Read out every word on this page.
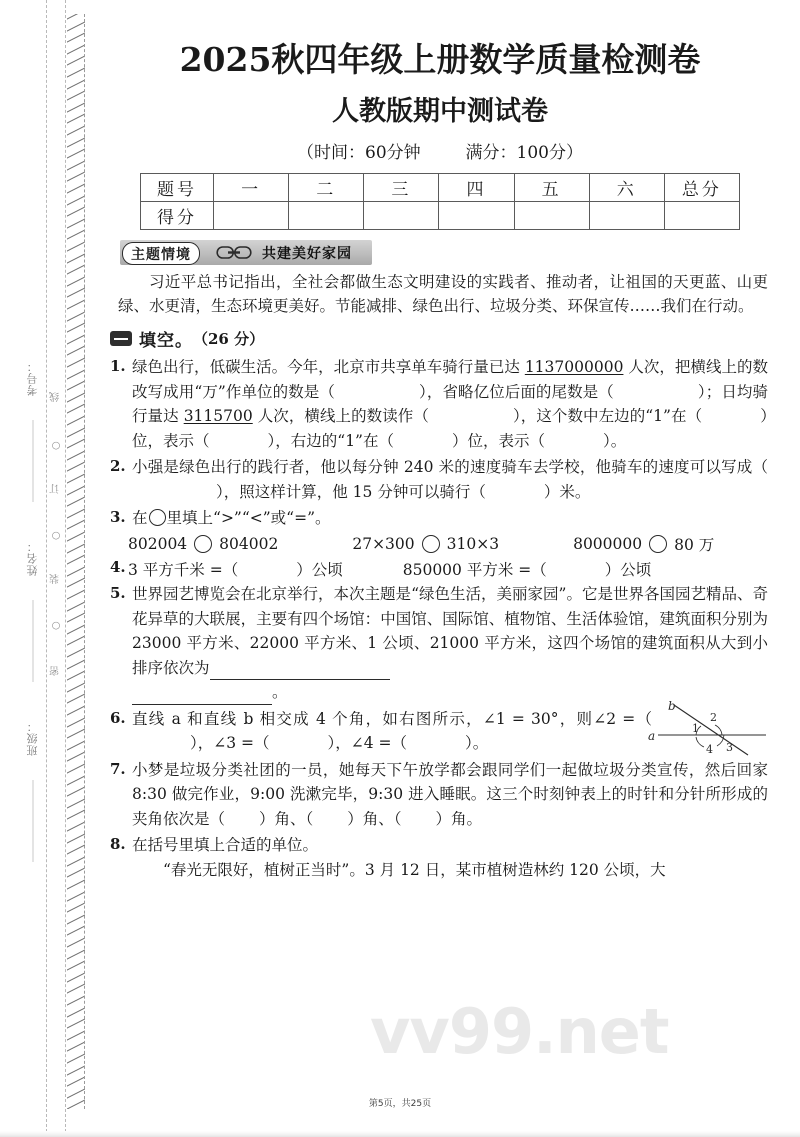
考号：
姓名：
班级：
线
○
订
○
装
○
密
2025秋四年级上册数学质量检测卷
人教版期中测试卷
（时间：60分钟	满分：100分）
题号	一	二	三	四	五	六	总分
得分							
主题情境	共建美好家园

习近平总书记指出，全社会都做生态文明建设的实践者、推动者，让祖国的天更蓝、山更绿、水更清，生态环境更美好。节能减排、绿色出行、垃圾分类、环保宣传……我们在行动。

填空。 （26 分）
1. 绿色出行，低碳生活。今年，北京市共享单车骑行量已达 1137000000 人次，把横线上的数改写成用“万”作单位的数是（	），省略亿位后面的尾数是（	）；日均骑行量达 3115700 人次，横线上的数读作（	），这个数中左边的“1”在（	）位，表示（	），右边的“1”在（	）位，表示（	）。
2. 小强是绿色出行的践行者，他以每分钟 240 米的速度骑车去学校，他骑车的速度可以写成（），照这样计算，他 15 分钟可以骑行（	）米。
3. 在 里填上“>”“<”或“=”。
802004 804002	27×300 310×3	8000000 80 万
4. 3 平方千米 =（	）公顷	850000 平方米 =（	）公顷
5. 世界园艺博览会在北京举行，本次主题是“绿色生活，美丽家园”。它是世界各国园艺精品、奇花异草的大联展，主要有四个场馆：中国馆、国际馆、植物馆、生活体验馆，建筑面积分别为 23000 平方米、22000 平方米、1 公顷、21000 平方米，这四个场馆的建筑面积从大到小排序依次为
。
6. 直线 a 和直线 b 相交成 4 个角，如右图所示，∠1 = 30°，则∠2 =（），∠3 =（	），∠4 =（	）。	a
b
1
2
3
4
7. 小梦是垃圾分类社团的一员，她每天下午放学都会跟同学们一起做垃圾分类宣传，然后回家 8:30 做完作业，9:00 洗漱完毕，9:30 进入睡眠。这三个时刻钟表上的时针和分针所形成的夹角依次是（ ）角、（ ）角、（ ）角。
8. 在括号里填上合适的单位。
“春光无限好，植树正当时”。3 月 12 日，某市植树造林约 120 公顷，大
vv99.net
第5页，共25页
